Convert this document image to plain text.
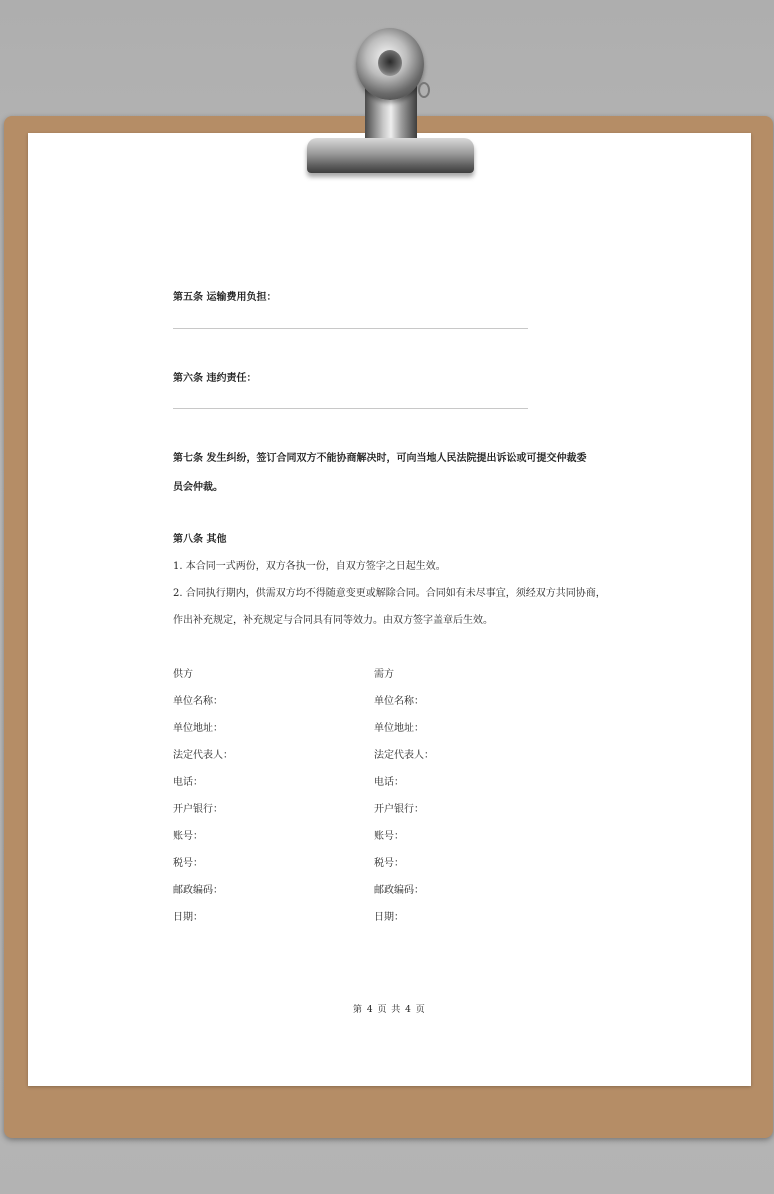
第五条 运输费用负担：
第六条 违约责任：
第七条 发生纠纷，签订合同双方不能协商解决时，可向当地人民法院提出诉讼或可提交仲裁委
员会仲裁。
第八条 其他
1. 本合同一式两份，双方各执一份，自双方签字之日起生效。
2. 合同执行期内，供需双方均不得随意变更或解除合同。合同如有未尽事宜，须经双方共同协商，
作出补充规定，补充规定与合同具有同等效力。由双方签字盖章后生效。
供方	需方
单位名称：	单位名称：
单位地址：	单位地址：
法定代表人：	法定代表人：
电话：	电话：
开户银行：	开户银行：
账号：	账号：
税号：	税号：
邮政编码：	邮政编码：
日期：	日期：
第 4 页 共 4 页
